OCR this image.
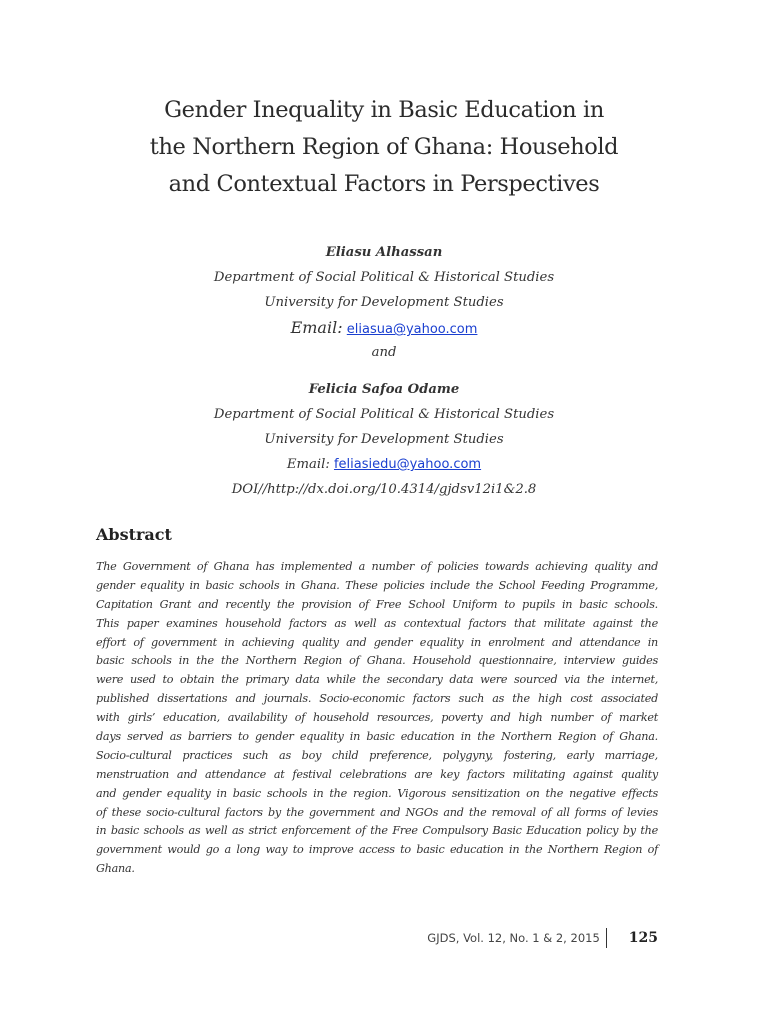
Gender Inequality in Basic Education in
the Northern Region of Ghana: Household
and Contextual Factors in Perspectives
Eliasu Alhassan
Department of Social Political & Historical Studies
University for Development Studies
Email: eliasua@yahoo.com
and
Felicia Safoa Odame
Department of Social Political & Historical Studies
University for Development Studies
Email: feliasiedu@yahoo.com
DOI//http://dx.doi.org/10.4314/gjdsv12i1&2.8
Abstract
The Government of Ghana has implemented a number of policies towards achieving quality and
gender equality in basic schools in Ghana. These policies include the School Feeding Programme,
Capitation Grant and recently the provision of Free School Uniform to pupils in basic schools.
This paper examines household factors as well as contextual factors that militate against the
effort of government in achieving quality and gender equality in enrolment and attendance in
basic schools in the the Northern Region of Ghana. Household questionnaire, interview guides
were used to obtain the primary data while the secondary data were sourced via the internet,
published dissertations and journals. Socio-economic factors such as the high cost associated
with girls’ education, availability of household resources, poverty and high number of market
days served as barriers to gender equality in basic education in the Northern Region of Ghana.
Socio-cultural practices such as boy child preference, polygyny, fostering, early marriage,
menstruation and attendance at festival celebrations are key factors militating against quality
and gender equality in basic schools in the region. Vigorous sensitization on the negative effects
of these socio-cultural factors by the government and NGOs and the removal of all forms of levies
in basic schools as well as strict enforcement of the Free Compulsory Basic Education policy by the
government would go a long way to improve access to basic education in the Northern Region of
Ghana.
GJDS, Vol. 12, No. 1 & 2, 2015	125
